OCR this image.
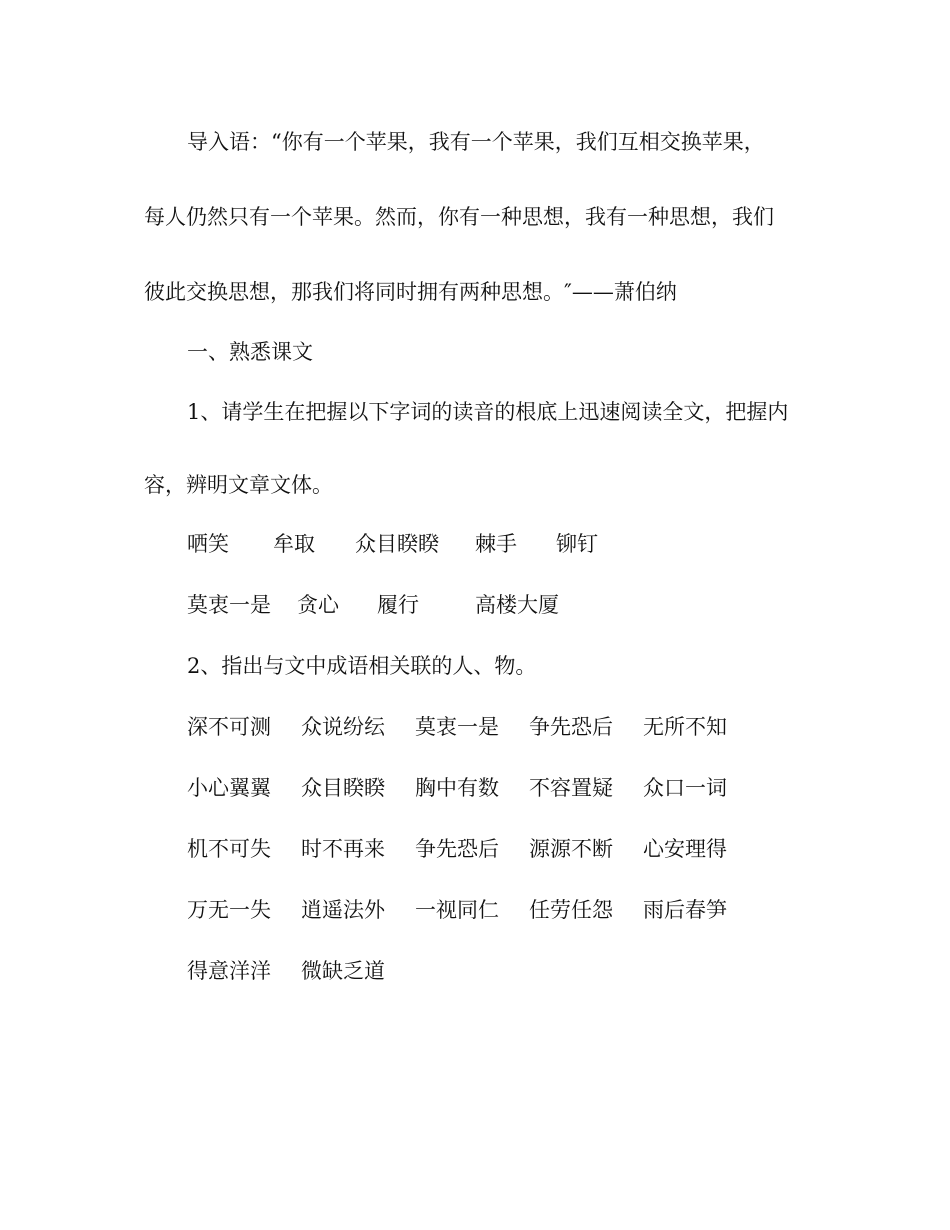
导入语：“你有一个苹果，我有一个苹果，我们互相交换苹果，
每人仍然只有一个苹果。然而，你有一种思想，我有一种思想，我们
彼此交换思想，那我们将同时拥有两种思想。″——萧伯纳
一、熟悉课文
1、请学生在把握以下字词的读音的根底上迅速阅读全文，把握内
容，辨明文章文体。
哂笑 牟取 众目睽睽 棘手 铆钉
莫衷一是 贪心 履行	高楼大厦
2、指出与文中成语相关联的人、物。
深不可测 众说纷纭 莫衷一是 争先恐后 无所不知
小心翼翼 众目睽睽 胸中有数 不容置疑 众口一词
机不可失 时不再来 争先恐后 源源不断 心安理得
万无一失 逍遥法外 一视同仁 任劳任怨 雨后春笋
得意洋洋 微缺乏道
